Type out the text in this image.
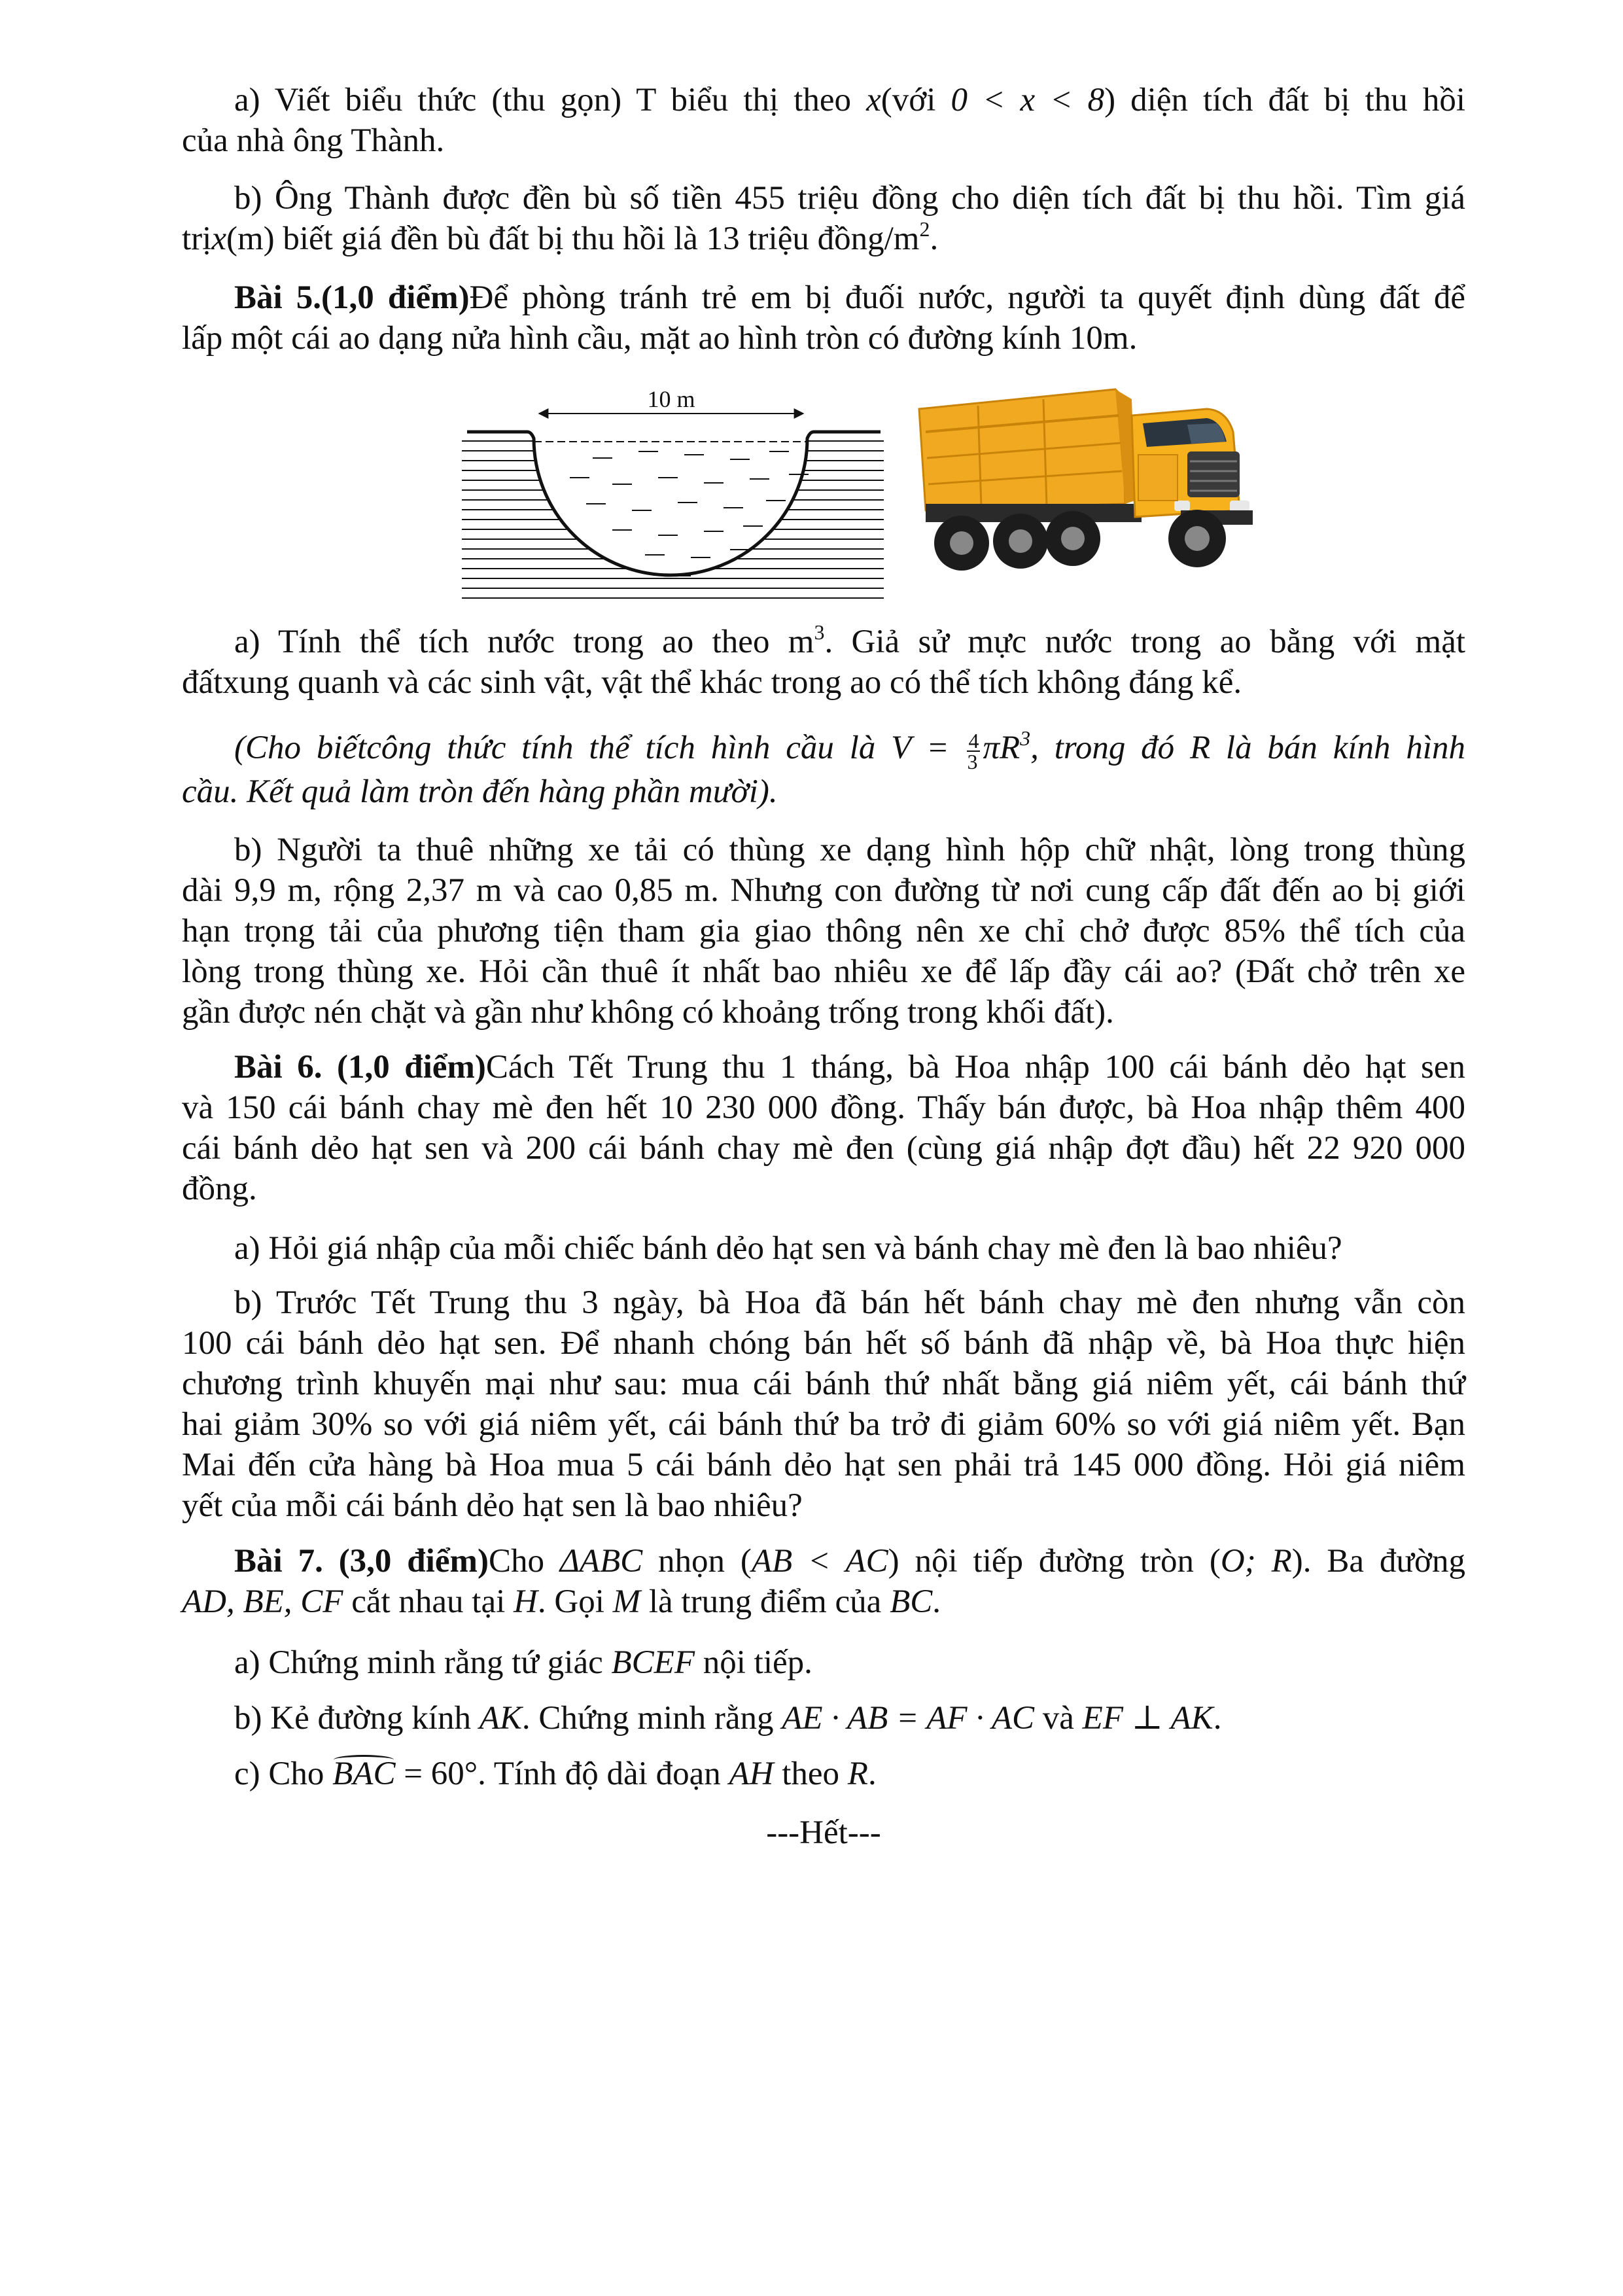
a) Viết biểu thức (thu gọn) T biểu thị theo x(với 0 < x < 8) diện tích đất bị thu hồi
của nhà ông Thành.
b) Ông Thành được đền bù số tiền 455 triệu đồng cho diện tích đất bị thu hồi. Tìm giá
trịx(m) biết giá đền bù đất bị thu hồi là 13 triệu đồng/$m^2$.
Bài 5.(1,0 điểm)Để phòng tránh trẻ em bị đuối nước, người ta quyết định dùng đất để
lấp một cái ao dạng nửa hình cầu, mặt ao hình tròn có đường kính 10m.
10 m
a) Tính thể tích nước trong ao theo $m^3$. Giả sử mực nước trong ao bằng với mặt
đấtxung quanh và các sinh vật, vật thể khác trong ao có thể tích không đáng kể.
(Cho biếtcông thức tính thể tích hình cầu là $V = \frac{4}{3} \pi R^3$, trong đó R là bán kính hình
cầu. Kết quả làm tròn đến hàng phần mười).
b) Người ta thuê những xe tải có thùng xe dạng hình hộp chữ nhật, lòng trong thùng
dài 9,9 m, rộng 2,37 m và cao 0,85 m. Nhưng con đường từ nơi cung cấp đất đến ao bị giới
hạn trọng tải của phương tiện tham gia giao thông nên xe chỉ chở được 85% thể tích của
lòng trong thùng xe. Hỏi cần thuê ít nhất bao nhiêu xe để lấp đầy cái ao? (Đất chở trên xe
gần được nén chặt và gần như không có khoảng trống trong khối đất).
Bài 6. (1,0 điểm)Cách Tết Trung thu 1 tháng, bà Hoa nhập 100 cái bánh dẻo hạt sen
và 150 cái bánh chay mè đen hết 10 230 000 đồng. Thấy bán được, bà Hoa nhập thêm 400
cái bánh dẻo hạt sen và 200 cái bánh chay mè đen (cùng giá nhập đợt đầu) hết 22 920 000
đồng.
a) Hỏi giá nhập của mỗi chiếc bánh dẻo hạt sen và bánh chay mè đen là bao nhiêu?
b) Trước Tết Trung thu 3 ngày, bà Hoa đã bán hết bánh chay mè đen nhưng vẫn còn
100 cái bánh dẻo hạt sen. Để nhanh chóng bán hết số bánh đã nhập về, bà Hoa thực hiện
chương trình khuyến mại như sau: mua cái bánh thứ nhất bằng giá niêm yết, cái bánh thứ
hai giảm 30% so với giá niêm yết, cái bánh thứ ba trở đi giảm 60% so với giá niêm yết. Bạn
Mai đến cửa hàng bà Hoa mua 5 cái bánh dẻo hạt sen phải trả 145 000 đồng. Hỏi giá niêm
yết của mỗi cái bánh dẻo hạt sen là bao nhiêu?
Bài 7. (3,0 điểm)Cho ΔABC nhọn (AB < AC) nội tiếp đường tròn (O; R). Ba đường
AD, BE, CF cắt nhau tại H. Gọi M là trung điểm của BC.
a) Chứng minh rằng tứ giác BCEF nội tiếp.
b) Kẻ đường kính AK. Chứng minh rằng AE · AB = AF · AC và EF ⊥ AK.
c) Cho BAC = 60°. Tính độ dài đoạn AH theo R.
---Hết---
